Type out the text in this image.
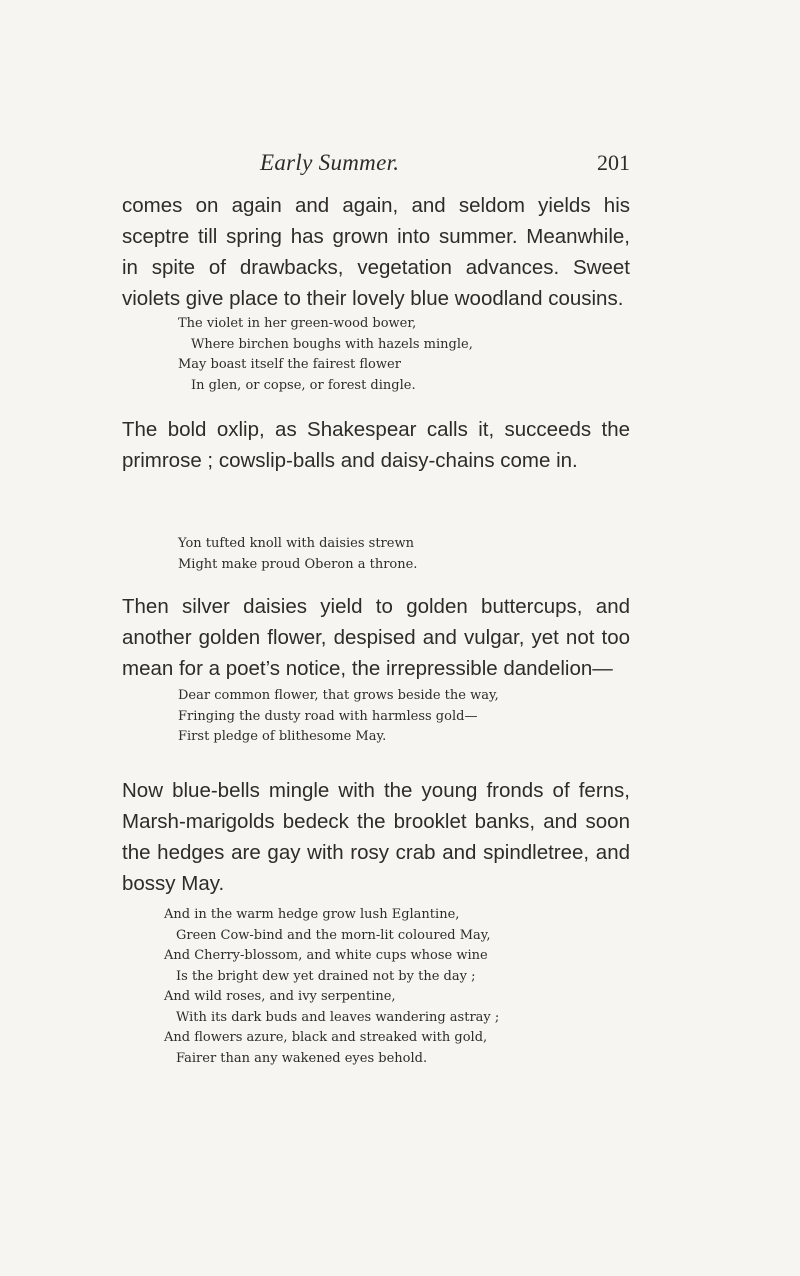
Early Summer.	201

comes on again and again, and seldom yields his sceptre till spring has grown into summer. Meanwhile, in spite of drawbacks, vegetation advances. Sweet violets give place to their lovely blue woodland cousins.

The violet in her green-wood bower,
Where birchen boughs with hazels mingle,
May boast itself the fairest flower
In glen, or copse, or forest dingle.

The bold oxlip, as Shakespear calls it, succeeds the primrose ; cowslip-balls and daisy-chains come in.

Yon tufted knoll with daisies strewn
Might make proud Oberon a throne.

Then silver daisies yield to golden buttercups, and another golden flower, despised and vulgar, yet not too mean for a poet’s notice, the irrepressible dandelion—

Dear common flower, that grows beside the way,
Fringing the dusty road with harmless gold—
First pledge of blithesome May.

Now blue-bells mingle with the young fronds of ferns, Marsh-marigolds bedeck the brooklet banks, and soon the hedges are gay with rosy crab and spindletree, and bossy May.

And in the warm hedge grow lush Eglantine,
Green Cow-bind and the morn-lit coloured May,
And Cherry-blossom, and white cups whose wine
Is the bright dew yet drained not by the day ;
And wild roses, and ivy serpentine,
With its dark buds and leaves wandering astray ;
And flowers azure, black and streaked with gold,
Fairer than any wakened eyes behold.
